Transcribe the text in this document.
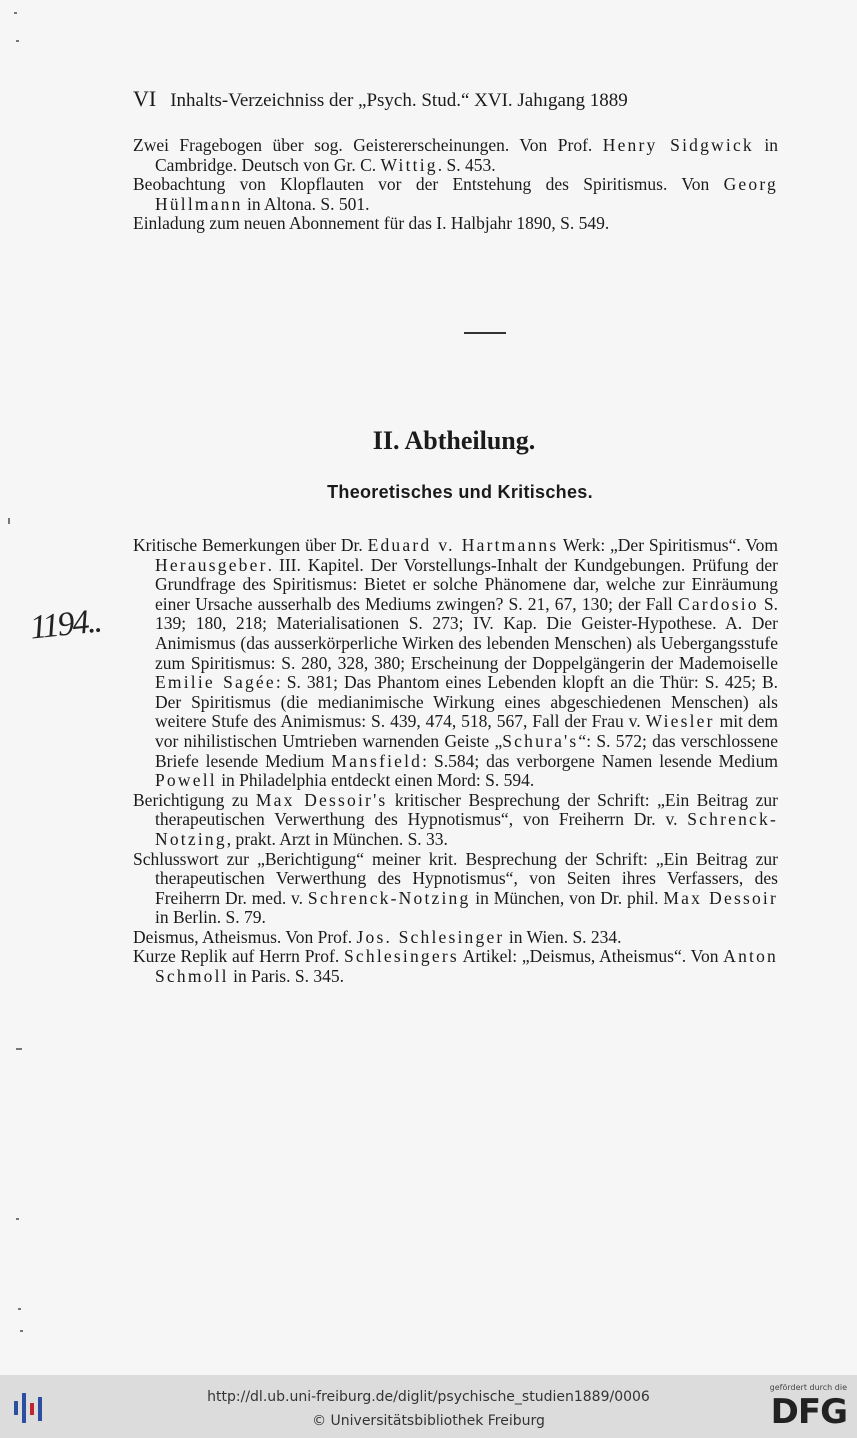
VI Inhalts-Verzeichniss der „Psych. Stud.“ XVI. Jahıgang 1889

Zwei Fragebogen über sog. Geistererscheinungen. Von Prof. Henry Sidgwick in Cambridge. Deutsch von Gr. C. Wittig. S. 453.

Beobachtung von Klopflauten vor der Entstehung des Spiritismus. Von Georg Hüllmann in Altona. S. 501.

Einladung zum neuen Abonnement für das I. Halbjahr 1890, S. 549.

II. Abtheilung.
Theoretisches und Kritisches.
1194..

Kritische Bemerkungen über Dr. Eduard v. Hartmanns Werk: „Der Spiritismus“. Vom Herausgeber. III. Kapitel. Der Vorstellungs-Inhalt der Kundgebungen. Prüfung der Grundfrage des Spiritismus: Bietet er solche Phänomene dar, welche zur Einräumung einer Ursache ausserhalb des Mediums zwingen? S. 21, 67, 130; der Fall Cardosio S. 139; 180, 218; Materialisationen S. 273; IV. Kap. Die Geister-Hypothese. A. Der Animismus (das ausserkörperliche Wirken des lebenden Menschen) als Uebergangsstufe zum Spiritismus: S. 280, 328, 380; Erscheinung der Doppelgängerin der Mademoiselle Emilie Sagée: S. 381; Das Phantom eines Lebenden klopft an die Thür: S. 425; B. Der Spiritismus (die medianimische Wirkung eines abgeschiedenen Menschen) als weitere Stufe des Animismus: S. 439, 474, 518, 567, Fall der Frau v. Wiesler mit dem vor nihilistischen Umtrieben warnenden Geiste „Schura's“: S. 572; das verschlossene Briefe lesende Medium Mansfield: S.584; das verborgene Namen lesende Medium Powell in Philadelphia entdeckt einen Mord: S. 594.

Berichtigung zu Max Dessoir's kritischer Besprechung der Schrift: „Ein Beitrag zur therapeutischen Verwerthung des Hypnotismus“, von Freiherrn Dr. v. Schrenck-Notzing, prakt. Arzt in München. S. 33.

Schlusswort zur „Berichtigung“ meiner krit. Besprechung der Schrift: „Ein Beitrag zur therapeutischen Verwerthung des Hypnotismus“, von Seiten ihres Verfassers, des Freiherrn Dr. med. v. Schrenck-Notzing in München, von Dr. phil. Max Dessoir in Berlin. S. 79.

Deismus, Atheismus. Von Prof. Jos. Schlesinger in Wien. S. 234.

Kurze Replik auf Herrn Prof. Schlesingers Artikel: „Deismus, Atheismus“. Von Anton Schmoll in Paris. S. 345.

http://dl.ub.uni-freiburg.de/diglit/psychische_studien1889/0006
© Universitätsbibliothek Freiburg
gefördert durch die
DFG
